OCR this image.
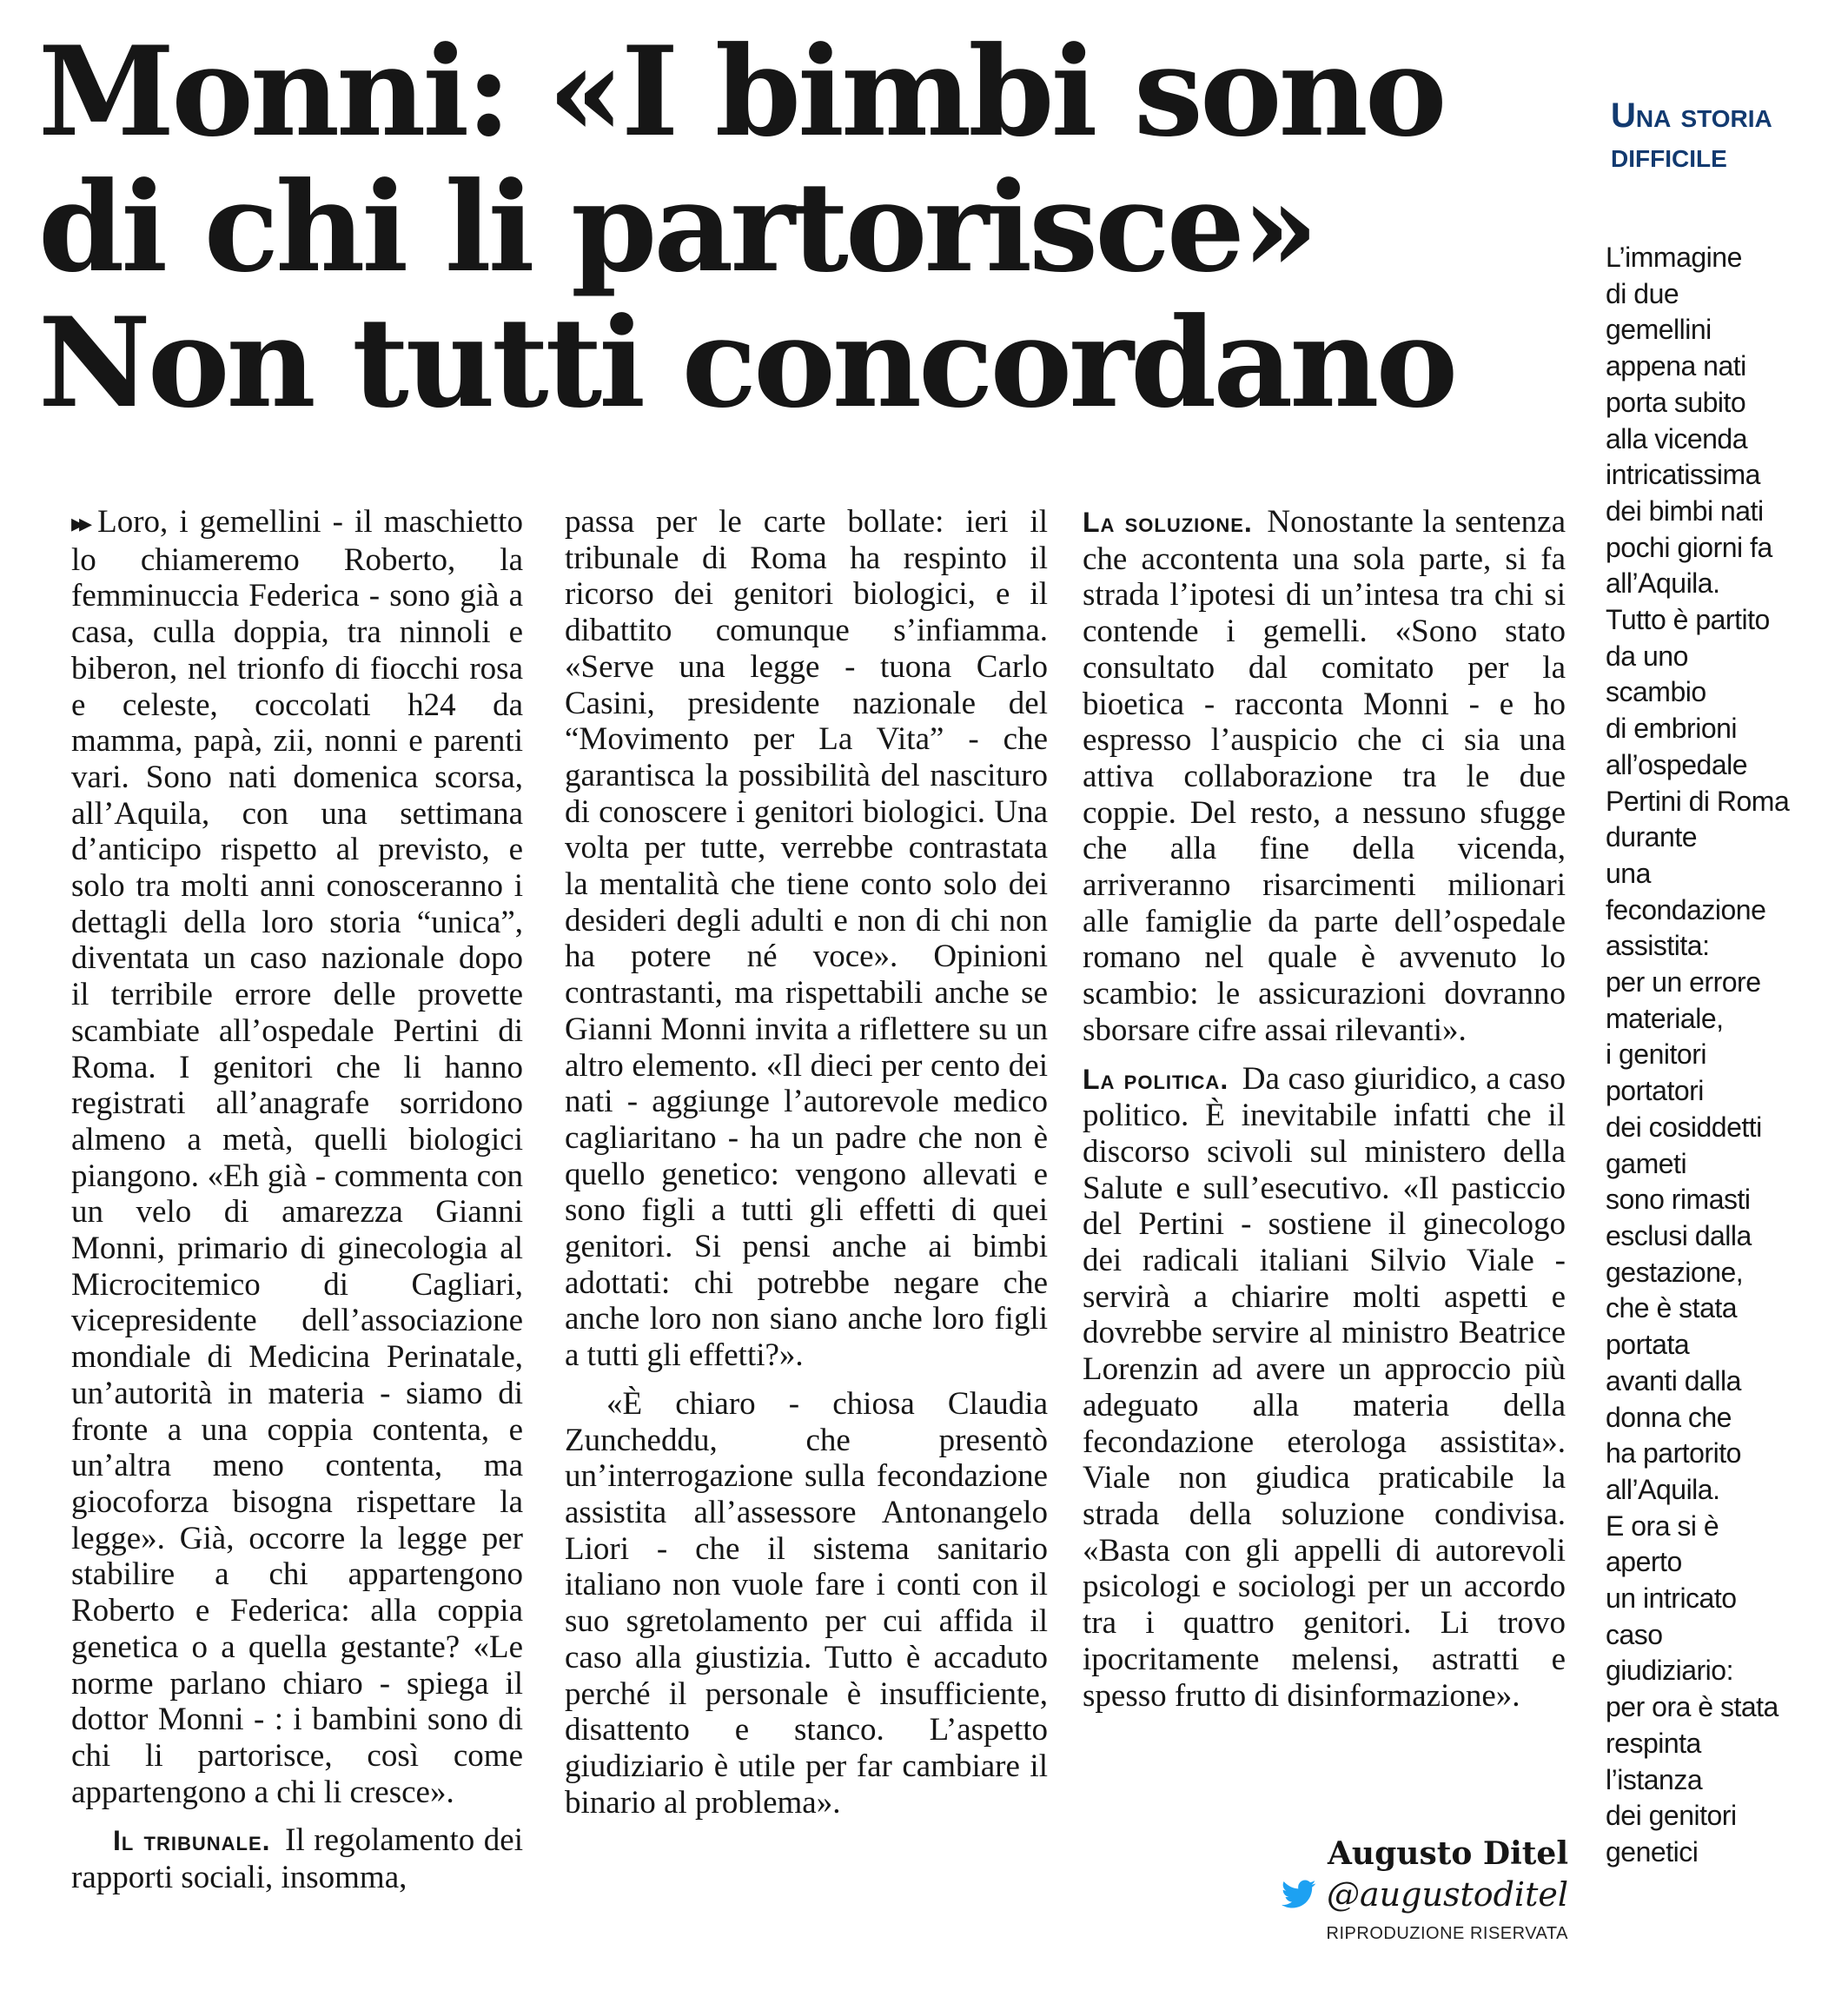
Monni: «I bimbi sono
di chi li partorisce»
Non tutti concordano

▸▸ Loro, i gemellini - il maschietto lo chiameremo Roberto, la femminuccia Federica - sono già a casa, culla doppia, tra ninnoli e biberon, nel trionfo di fiocchi rosa e celeste, coccolati h24 da mamma, papà, zii, nonni e parenti vari. Sono nati domenica scorsa, all’Aquila, con una settimana d’anticipo rispetto al previsto, e solo tra molti anni conosceranno i dettagli della loro storia “unica”, diventata un caso nazionale dopo il terribile errore delle provette scambiate all’ospedale Pertini di Roma. I genitori che li hanno registrati all’anagrafe sorridono almeno a metà, quelli biologici piangono. «Eh già - commenta con un velo di amarezza Gianni Monni, primario di ginecologia al Microcitemico di Cagliari, vicepresidente dell’associazione mondiale di Medicina Perinatale, un’autorità in materia - siamo di fronte a una coppia contenta, e un’altra meno contenta, ma giocoforza bisogna rispettare la legge». Già, occorre la legge per stabilire a chi appartengono Roberto e Federica: alla coppia genetica o a quella gestante? «Le norme parlano chiaro - spiega il dottor Monni - : i bambini sono di chi li partorisce, così come appartengono a chi li cresce».

Il tribunale. Il regolamento dei rapporti sociali, insomma,

passa per le carte bollate: ieri il tribunale di Roma ha respinto il ricorso dei genitori biologici, e il dibattito comunque s’infiamma. «Serve una legge - tuona Carlo Casini, presidente nazionale del “Movimento per La Vita” - che garantisca la possibilità del nascituro di conoscere i genitori biologici. Una volta per tutte, verrebbe contrastata la mentalità che tiene conto solo dei desideri degli adulti e non di chi non ha potere né voce». Opinioni contrastanti, ma rispettabili anche se Gianni Monni invita a riflettere su un altro elemento. «Il dieci per cento dei nati - aggiunge l’autorevole medico cagliaritano - ha un padre che non è quello genetico: vengono allevati e sono figli a tutti gli effetti di quei genitori. Si pensi anche ai bimbi adottati: chi potrebbe negare che anche loro non siano anche loro figli a tutti gli effetti?».

«È chiaro - chiosa Claudia Zuncheddu, che presentò un’interrogazione sulla fecondazione assistita all’assessore Antonangelo Liori - che il sistema sanitario italiano non vuole fare i conti con il suo sgretolamento per cui affida il caso alla giustizia. Tutto è accaduto perché il personale è insufficiente, disattento e stanco. L’aspetto giudiziario è utile per far cambiare il binario al problema».

La soluzione. Nonostante la sentenza che accontenta una sola parte, si fa strada l’ipotesi di un’intesa tra chi si contende i gemelli. «Sono stato consultato dal comitato per la bioetica - racconta Monni - e ho espresso l’auspicio che ci sia una attiva collaborazione tra le due coppie. Del resto, a nessuno sfugge che alla fine della vicenda, arriveranno risarcimenti milionari alle famiglie da parte dell’ospedale romano nel quale è avvenuto lo scambio: le assicurazioni dovranno sborsare cifre assai rilevanti».

La politica. Da caso giuridico, a caso politico. È inevitabile infatti che il discorso scivoli sul ministero della Salute e sull’esecutivo. «Il pasticcio del Pertini - sostiene il ginecologo dei radicali italiani Silvio Viale - servirà a chiarire molti aspetti e dovrebbe servire al ministro Beatrice Lorenzin ad avere un approccio più adeguato alla materia della fecondazione eterologa assistita». Viale non giudica praticabile la strada della soluzione condivisa. «Basta con gli appelli di autorevoli psicologi e sociologi per un accordo tra i quattro genitori. Li trovo ipocritamente melensi, astratti e spesso frutto di disinformazione».

Augusto Ditel
@augustoditel
RIPRODUZIONE RISERVATA
Una storia
difficile
L’immagine
di due
gemellini
appena nati
porta subito
alla vicenda
intricatissima
dei bimbi nati
pochi giorni fa
all’Aquila.
Tutto è partito
da uno
scambio
di embrioni
all’ospedale
Pertini di Roma
durante
una
fecondazione
assistita:
per un errore
materiale,
i genitori
portatori
dei cosiddetti
gameti
sono rimasti
esclusi dalla
gestazione,
che è stata
portata
avanti dalla
donna che
ha partorito
all’Aquila.
E ora si è
aperto
un intricato
caso
giudiziario:
per ora è stata
respinta
l’istanza
dei genitori
genetici
